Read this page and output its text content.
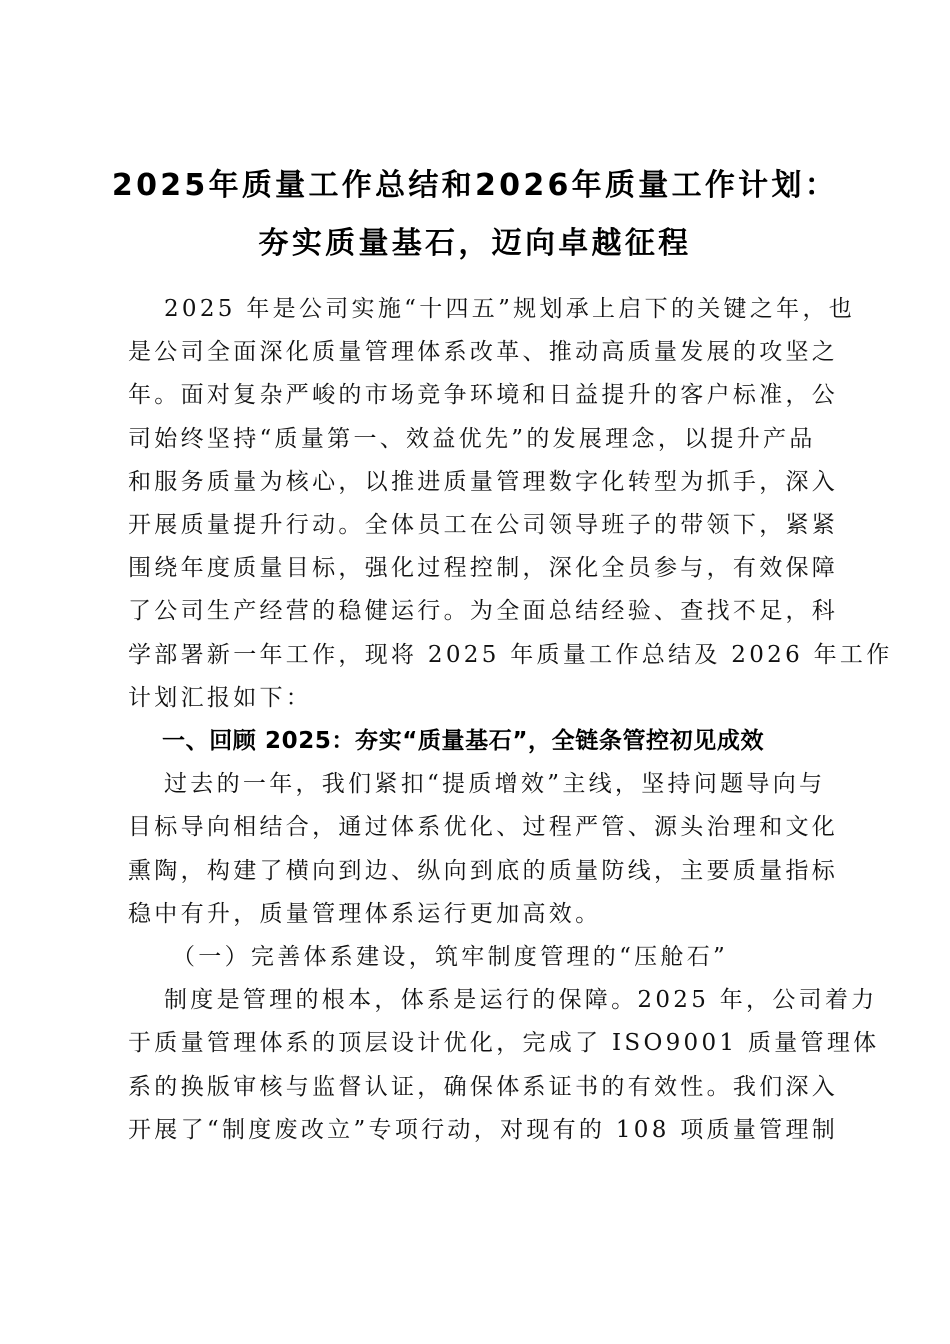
2025年质量工作总结和2026年质量工作计划：
夯实质量基石，迈向卓越征程
2025 年是公司实施“十四五”规划承上启下的关键之年，也
是公司全面深化质量管理体系改革、推动高质量发展的攻坚之
年。面对复杂严峻的市场竞争环境和日益提升的客户标准，公
司始终坚持“质量第一、效益优先”的发展理念，以提升产品
和服务质量为核心，以推进质量管理数字化转型为抓手，深入
开展质量提升行动。全体员工在公司领导班子的带领下，紧紧
围绕年度质量目标，强化过程控制，深化全员参与，有效保障
了公司生产经营的稳健运行。为全面总结经验、查找不足，科
学部署新一年工作，现将 2025 年质量工作总结及 2026 年工作
计划汇报如下：
一、回顾 2025：夯实“质量基石”，全链条管控初见成效
过去的一年，我们紧扣“提质增效”主线，坚持问题导向与
目标导向相结合，通过体系优化、过程严管、源头治理和文化
熏陶，构建了横向到边、纵向到底的质量防线，主要质量指标
稳中有升，质量管理体系运行更加高效。
（一）完善体系建设，筑牢制度管理的“压舱石”
制度是管理的根本，体系是运行的保障。2025 年，公司着力
于质量管理体系的顶层设计优化，完成了 ISO9001 质量管理体
系的换版审核与监督认证，确保体系证书的有效性。我们深入
开展了“制度废改立”专项行动，对现有的 108 项质量管理制
